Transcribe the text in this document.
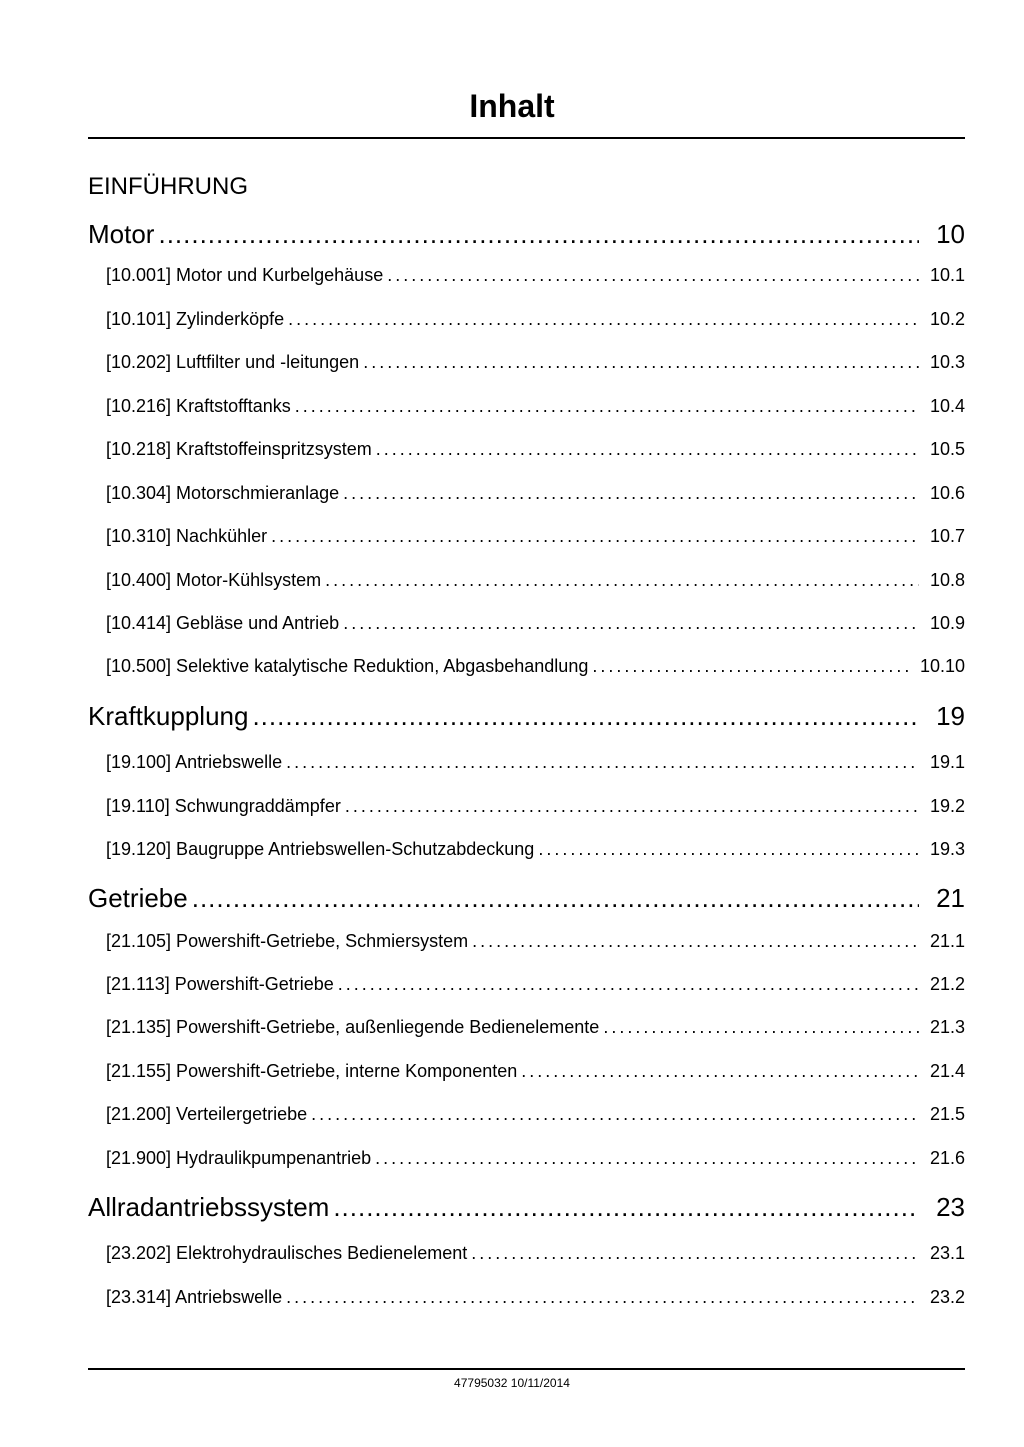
Inhalt
EINFÜHRUNG
Motor .....	10
[10.001] Motor und Kurbelgehäuse .....	10.1
[10.101] Zylinderköpfe .....	10.2
[10.202] Luftfilter und -leitungen .....	10.3
[10.216] Kraftstofftanks .....	10.4
[10.218] Kraftstoffeinspritzsystem .....	10.5
[10.304] Motorschmieranlage .....	10.6
[10.310] Nachkühler .....	10.7
[10.400] Motor-Kühlsystem .....	10.8
[10.414] Gebläse und Antrieb .....	10.9
[10.500] Selektive katalytische Reduktion, Abgasbehandlung .....	10.10
Kraftkupplung .....	19
[19.100] Antriebswelle .....	19.1
[19.110] Schwungraddämpfer .....	19.2
[19.120] Baugruppe Antriebswellen-Schutzabdeckung .....	19.3
Getriebe .....	21
[21.105] Powershift-Getriebe, Schmiersystem .....	21.1
[21.113] Powershift-Getriebe .....	21.2
[21.135] Powershift-Getriebe, außenliegende Bedienelemente .....	21.3
[21.155] Powershift-Getriebe, interne Komponenten .....	21.4
[21.200] Verteilergetriebe .....	21.5
[21.900] Hydraulikpumpenantrieb .....	21.6
Allradantriebssystem .....	23
[23.202] Elektrohydraulisches Bedienelement .....	23.1
[23.314] Antriebswelle .....	23.2
47795032 10/11/2014
